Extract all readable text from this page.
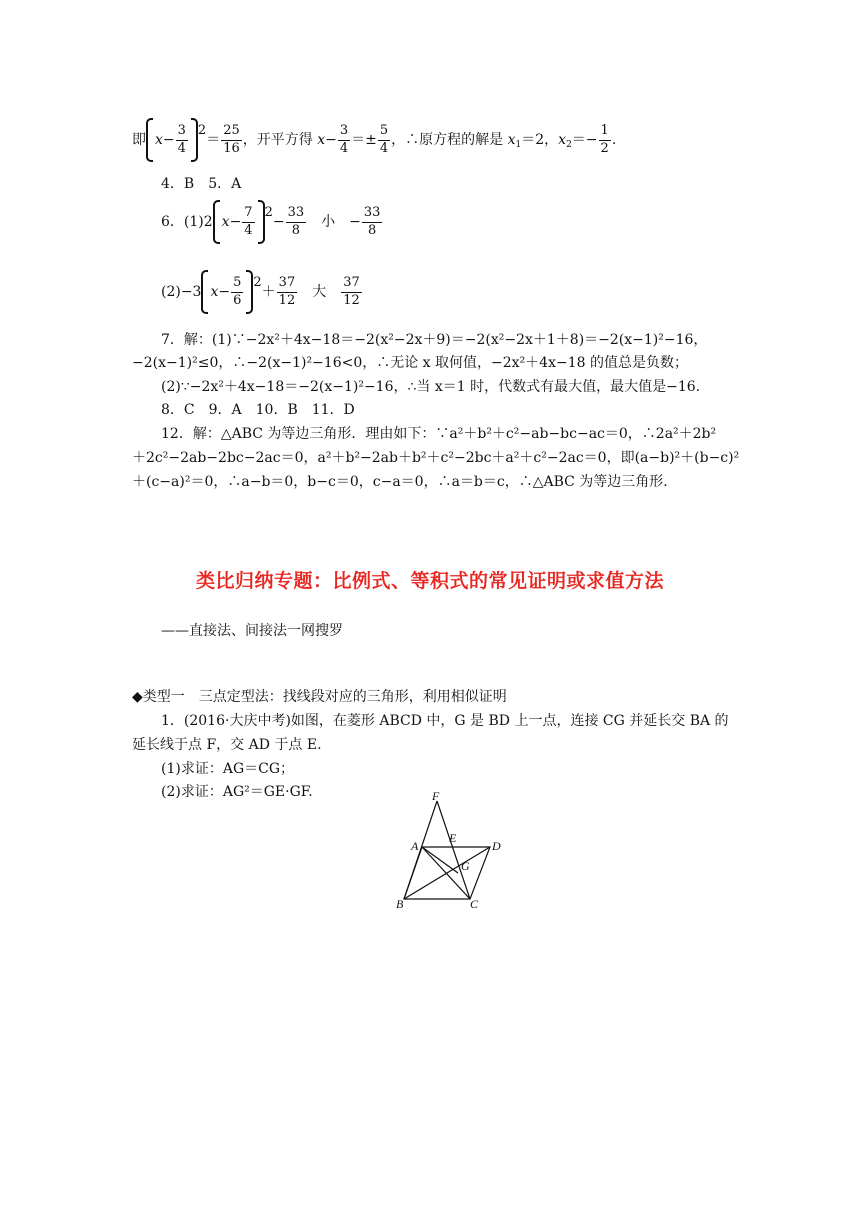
即 $x - \frac{3}{4} ^2= \frac{25}{16}$ ，开平方得 $x- \frac{3}{4} =\pm \frac{5}{4}$ ，∴原方程的解是 $x_1=2$，$x_2=- \frac{1}{2}$ .
4．B　5．A
6．(1)2 $x - \frac{7}{4} ^2- \frac{33}{8}$ 小 − $\frac{33}{8}$
(2)−3 $x - \frac{5}{6} ^2+ \frac{37}{12}$ 大 $\frac{37}{12}$
7．解：(1)∵−2x²＋4x−18＝−2(x²−2x＋9)＝−2(x²−2x＋1＋8)＝−2(x−1)²−16，
−2(x−1)²≤0，∴−2(x−1)²−16<0，∴无论 x 取何值，−2x²＋4x−18 的值总是负数；
(2)∵−2x²＋4x−18＝−2(x−1)²−16，∴当 x＝1 时，代数式有最大值，最大值是−16.
8．C　9．A　10．B　11．D
12．解：△ABC 为等边三角形．理由如下：∵a²＋b²＋c²−ab−bc−ac＝0，∴2a²＋2b²
＋2c²−2ab−2bc−2ac＝0，a²＋b²−2ab＋b²＋c²−2bc＋a²＋c²−2ac＝0，即(a−b)²＋(b−c)²
＋(c−a)²＝0，∴a−b＝0，b−c＝0，c−a＝0，∴a＝b＝c，∴△ABC 为等边三角形.
类比归纳专题：比例式、等积式的常见证明或求值方法
——直接法、间接法一网搜罗
◆类型一　三点定型法：找线段对应的三角形，利用相似证明
1．(2016·大庆中考)如图，在菱形 ABCD 中，G 是 BD 上一点，连接 CG 并延长交 BA 的
延长线于点 F，交 AD 于点 E.
(1)求证：AG＝CG；
(2)求证：AG²＝GE·GF.	F
E
A	D
G
B	C
